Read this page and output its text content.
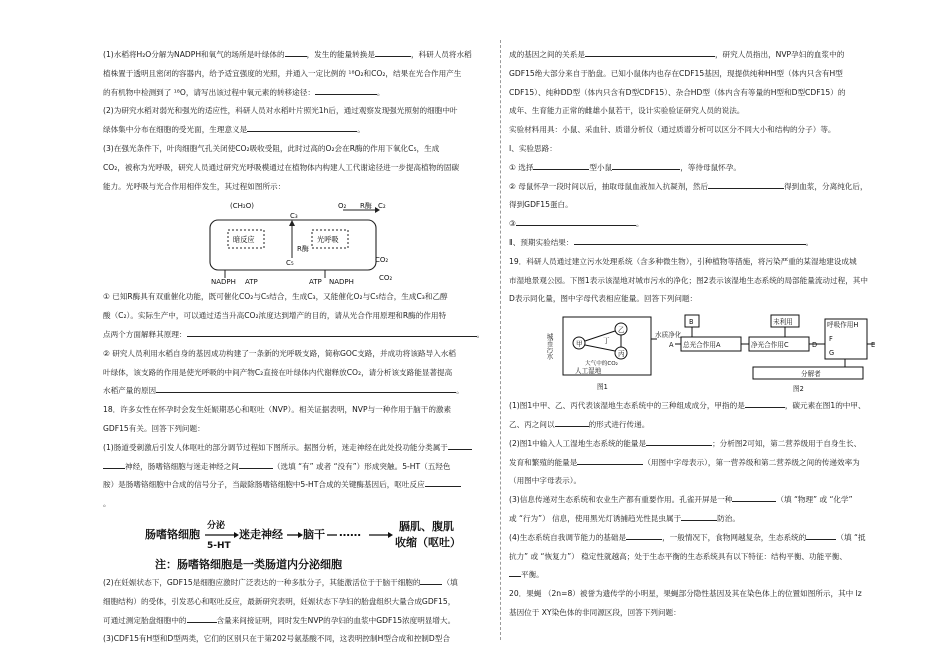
(1)水稻将H₂O分解为NADPH和氧气的场所是叶绿体的	，发生的能量转换是	，科研人员将水稻

植株置于透明且密闭的容器内，给予适宜强度的光照，并通入一定比例的 ¹⁸O₂和CO₂，结果在光合作用产生

的有机物中检测到了 ¹⁸O，请写出该过程中氧元素的转移途径：	。

(2)为研究水稻对弱光和强光的适应性，科研人员对水稻叶片照光1h后，通过观察发现强光照射的细胞中叶

绿体集中分布在细胞的受光面，生理意义是	。

(3)在强光条件下，叶肉细胞气孔关闭使CO₂吸收受阻，此时过高的O₂会在R酶的作用下氧化C₅，生成

CO₂，被称为光呼吸，研究人员通过研究光呼吸模通过在植物体内构建人工代谢途径进一步提高植物的固碳

能力。光呼吸与光合作用相伴发生，其过程如图所示：

(CH₂O)
C₃
O₂ R酶 C₂
R酶
C₅	CO₂
NADPH ATP	ATP NADPH	CO₂
暗反应	光呼吸

① 已知R酶具有双重催化功能，既可催化CO₂与C₅结合，生成C₃，又能催化O₂与C₅结合，生成C₃和乙醇

酸（C₂）。实际生产中，可以通过适当升高CO₂浓度达到增产的目的，请从光合作用原理和R酶的作用特

点两个方面解释其原理：	。

② 研究人员利用水稻自身的基因成功构建了一条新的光呼吸支路，简称GOC支路，并成功将该路导入水稻

叶绿体，该支路的作用是使光呼吸的中间产物C₂直接在叶绿体内代谢释放CO₂，请分析该支路能显著提高

水稻产量的原因	。

18．许多女性在怀孕时会发生妊娠期恶心和呕吐（NVP）。相关证据表明，NVP与一种作用于脑干的激素

GDF15有关。回答下列问题：

(1)肠道受刺激后引发人体呕吐的部分调节过程如下图所示。据图分析，迷走神经在此处投功能分类属于

神经，肠嗜铬细胞与迷走神经之间	（选填 “有” 或者 “没有”）形成突触。5-HT（五羟色

胺）是肠嗜铬细胞中合成的信号分子，当敲除肠嗜铬细胞中5-HT合成的关键酶基因后，呕吐反应

。

肠嗜铬细胞
分泌
5-HT
迷走神经 脑干 ……	膈肌、腹肌
收缩（呕吐）
注：肠嗜铬细胞是一类肠道内分泌细胞

(2)在妊娠状态下，GDF15是细胞应激时广泛表达的一种多肽分子，其能激活位于于脑干细胞的	（填

细胞结构）的受体，引发恶心和呕吐反应，最新研究表明，妊娠状态下孕妇的胎盘组织大量合成GDF15，

可通过测定胎盘细胞中的	含量来间接证明，同时发生NVP的孕妇的血浆中GDF15浓度明显增大。

(3)CDF15有H型和D型两类，它们的区别只在于第202号氨基酸不同，这表明控制H型合成和控制D型合

成的基因之间的关系是	，研究人员指出，NVP孕妇的血浆中的

GDF15绝大部分来自于胎盘。已知小鼠体内也存在CDF15基因，现提供纯种HH型（体内只含有H型

CDF15）、纯种DD型（体内只含有D型CDF15）、杂合HD型（体内含有等量的H型和D型CDF15）的

成年、生育能力正常的雌雄小鼠若干，设计实验验证研究人员的说法。

实验材料用具：小鼠、采血针、质谱分析仪（通过质谱分析可以区分不同大小和结构的分子）等。

Ⅰ、实验思路：

① 选择	型小鼠	，等待母鼠怀孕。

② 母鼠怀孕一段时间以后，抽取母鼠血液加入抗凝剂，然后	得到血浆，分离纯化后，

得到GDF15蛋白。

③	。

Ⅱ、预期实验结果：	。

19．科研人员通过建立污水处理系统（含多种微生物），引种植物等措施，将污染严重的某湿地建设成城

市湿地景观公园。下图1表示该湿地对城市污水的净化；图2表示该湿地生态系统的局部能量流动过程，其中

D表示同化量，图中字母代表相应能量。回答下列问题：

城市污水
乙
丙
甲	丁
大气中的CO₂
人工湿地
水质净化
图1
B
A 总光合作用A	净光合作用C	D
未利用	呼吸作用H
F
G
E
分解者
图2

(1)图1中甲、乙、丙代表该湿地生态系统中的三种组成成分，甲指的是	，碳元素在图1的中甲、

乙、丙之间以	的形式进行传递。

(2)图1中输入人工湿地生态系统的能量是	；分析图2可知，第二营养级用于自身生长、

发育和繁殖的能量是	（用图中字母表示），第一营养级和第二营养级之间的传递效率为

（用图中字母表示）。

(3)信息传递对生态系统和农业生产都有重要作用。孔雀开屏是一种	（填 “物理” 或 “化学”

或 “行为”） 信息，使用黑光灯诱捕趋光性昆虫属于	防治。

(4)生态系统自我调节能力的基础是	，一般情况下，食物网越复杂，生态系统的	（填 “抵

抗力” 或 “恢复力”） 稳定性就越高；处于生态平衡的生态系统具有以下特征：结构平衡、功能平衡、

平衡。

20．果蝇 （2n=8）被誉为遗传学的小明星，果蝇部分隐性基因及其在染色体上的位置如图所示，其中 lz

基因位于 XY染色体的非同源区段，回答下列问题：
